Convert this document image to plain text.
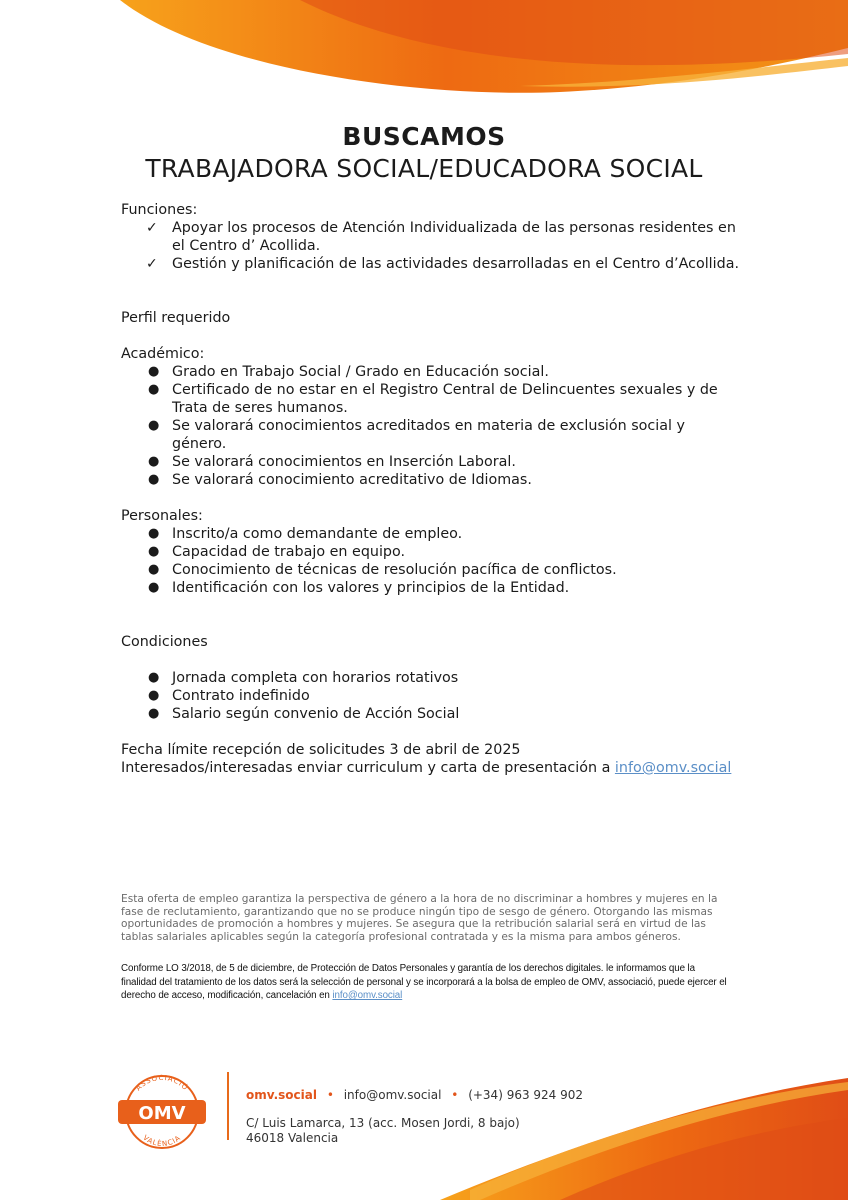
BUSCAMOS
TRABAJADORA SOCIAL/EDUCADORA SOCIAL

Funciones:

✓ Apoyar los procesos de Atención Individualizada de las personas residentes en el Centro d’ Acollida.
✓ Gestión y planificación de las actividades desarrolladas en el Centro d’Acollida.

Perfil requerido

Académico:

● Grado en Trabajo Social / Grado en Educación social.
● Certificado de no estar en el Registro Central de Delincuentes sexuales y de Trata de seres humanos.
● Se valorará conocimientos acreditados en materia de exclusión social y género.
● Se valorará conocimientos en Inserción Laboral.
● Se valorará conocimiento acreditativo de Idiomas.

Personales:

● Inscrito/a como demandante de empleo.
● Capacidad de trabajo en equipo.
● Conocimiento de técnicas de resolución pacífica de conflictos.
● Identificación con los valores y principios de la Entidad.

Condiciones

● Jornada completa con horarios rotativos
● Contrato indefinido
● Salario según convenio de Acción Social

Fecha límite recepción de solicitudes 3 de abril de 2025

Interesados/interesadas enviar curriculum y carta de presentación a info@omv.social

Esta oferta de empleo garantiza la perspectiva de género a la hora de no discriminar a hombres y mujeres en la fase de reclutamiento, garantizando que no se produce ningún tipo de sesgo de género. Otorgando las mismas oportunidades de promoción a hombres y mujeres. Se asegura que la retribución salarial será en virtud de las tablas salariales aplicables según la categoría profesional contratada y es la misma para ambos géneros.
Conforme LO 3/2018, de 5 de diciembre, de Protección de Datos Personales y garantía de los derechos digitales. le informamos que la finalidad del tratamiento de los datos será la selección de personal y se incorporará a la bolsa de empleo de OMV, associació, puede ejercer el derecho de acceso, modificación, cancelación en info@omv.social
ASSOCIACIÓ
OMV
VALÈNCIA
omv.social • info@omv.social • (+34) 963 924 902
C/ Luis Lamarca, 13 (acc. Mosen Jordi, 8 bajo)
46018 Valencia
